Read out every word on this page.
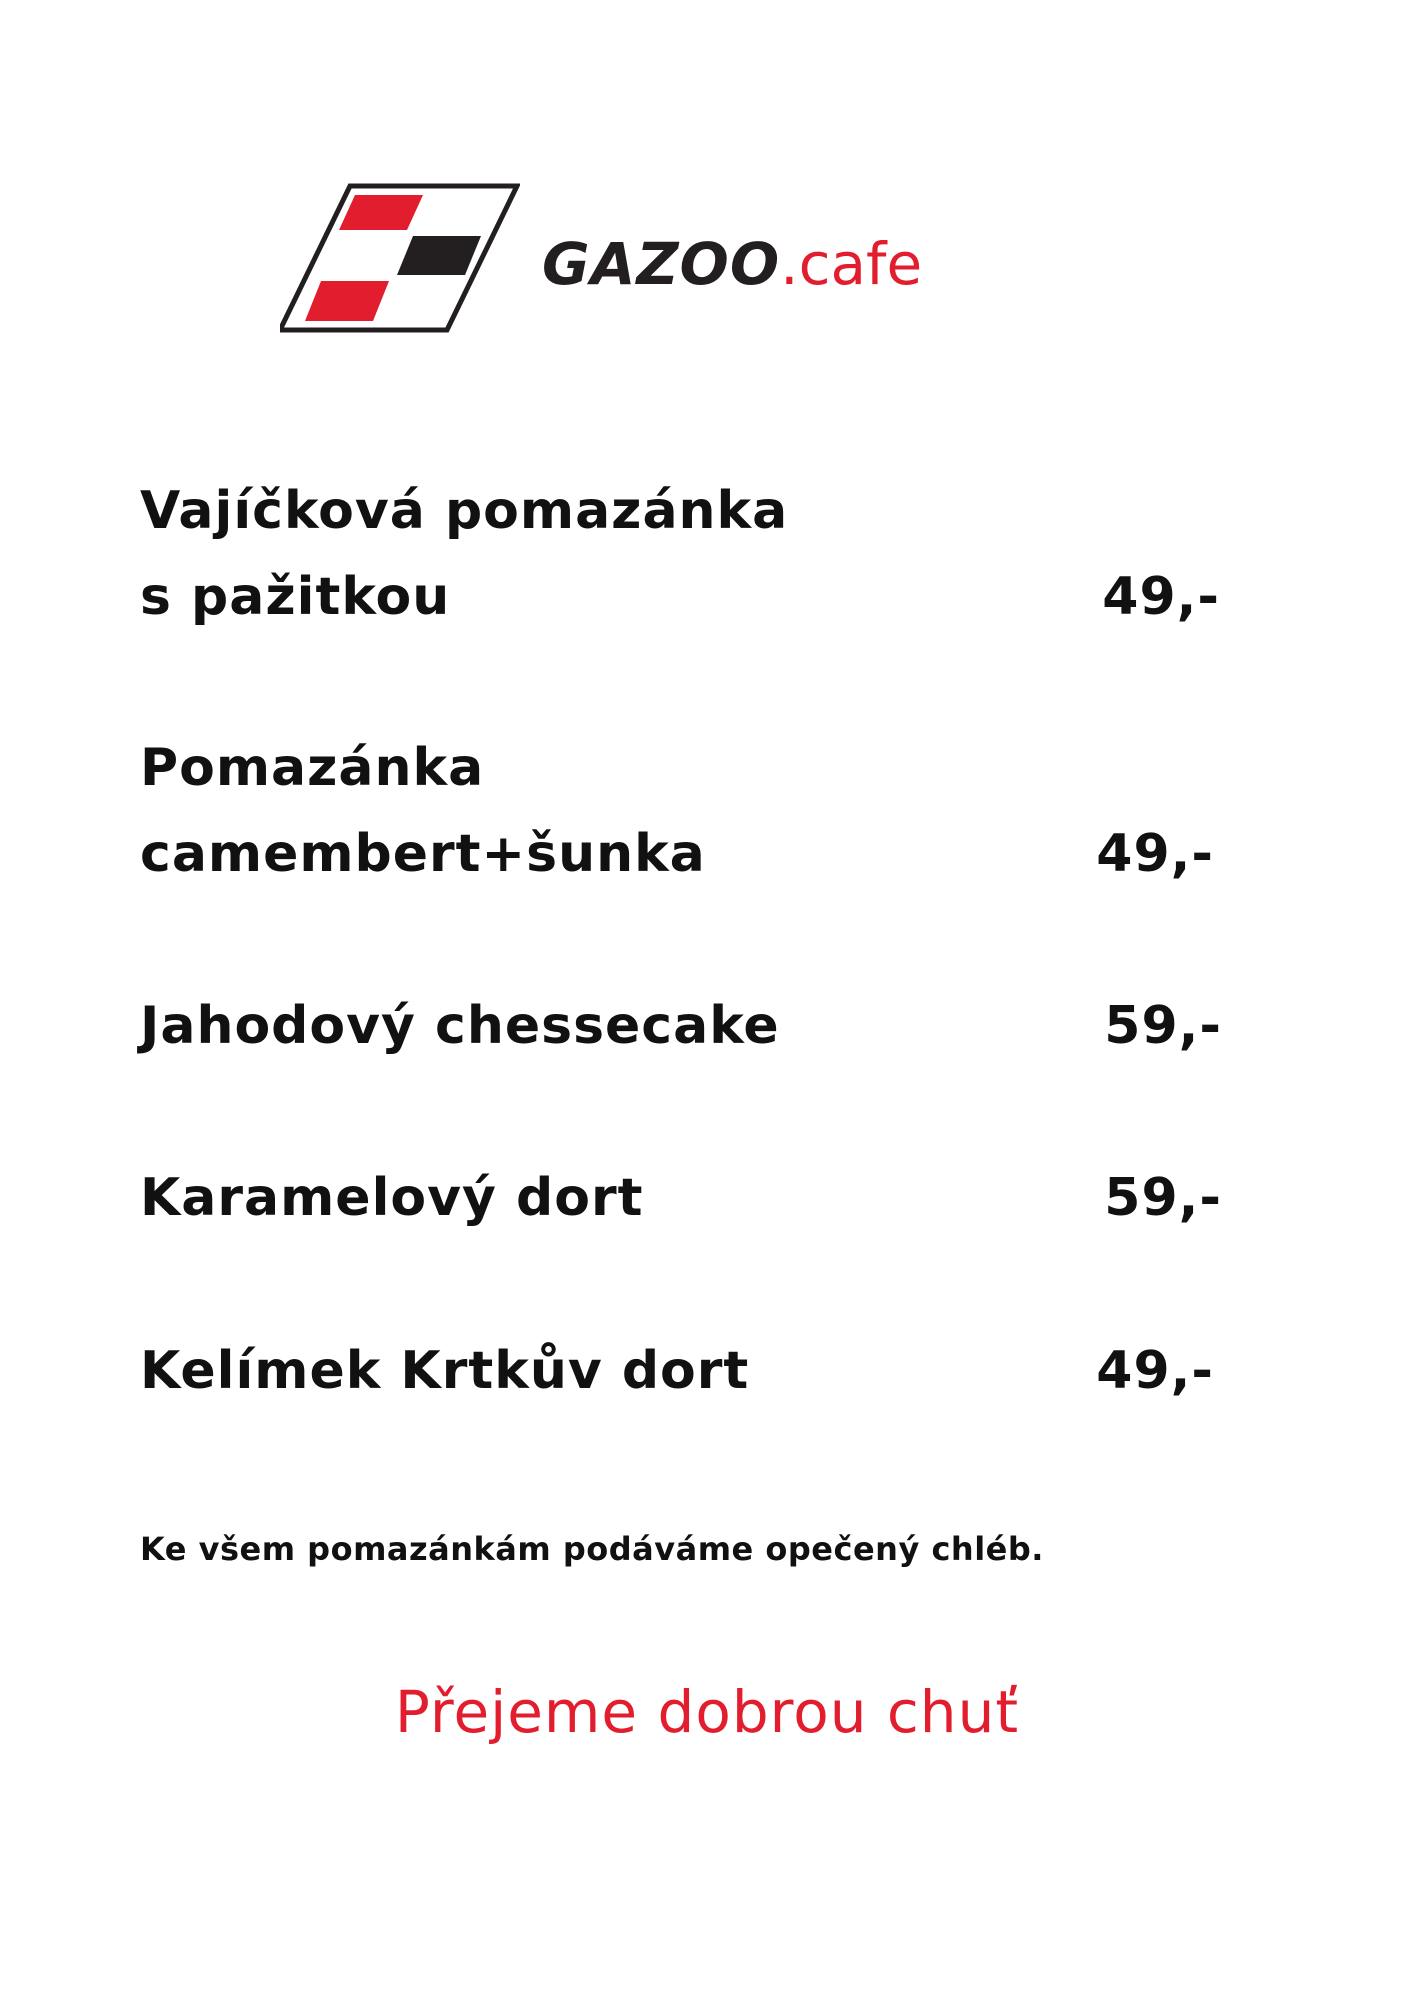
GAZOO.cafe
Vajíčková pomazánka
s pažitkou	49,-
Pomazánka
camembert+šunka	49,-
Jahodový chessecake	59,-
Karamelový dort	59,-
Kelímek Krtkův dort	49,-
Ke všem pomazánkám podáváme opečený chléb.
Přejeme dobrou chuť
